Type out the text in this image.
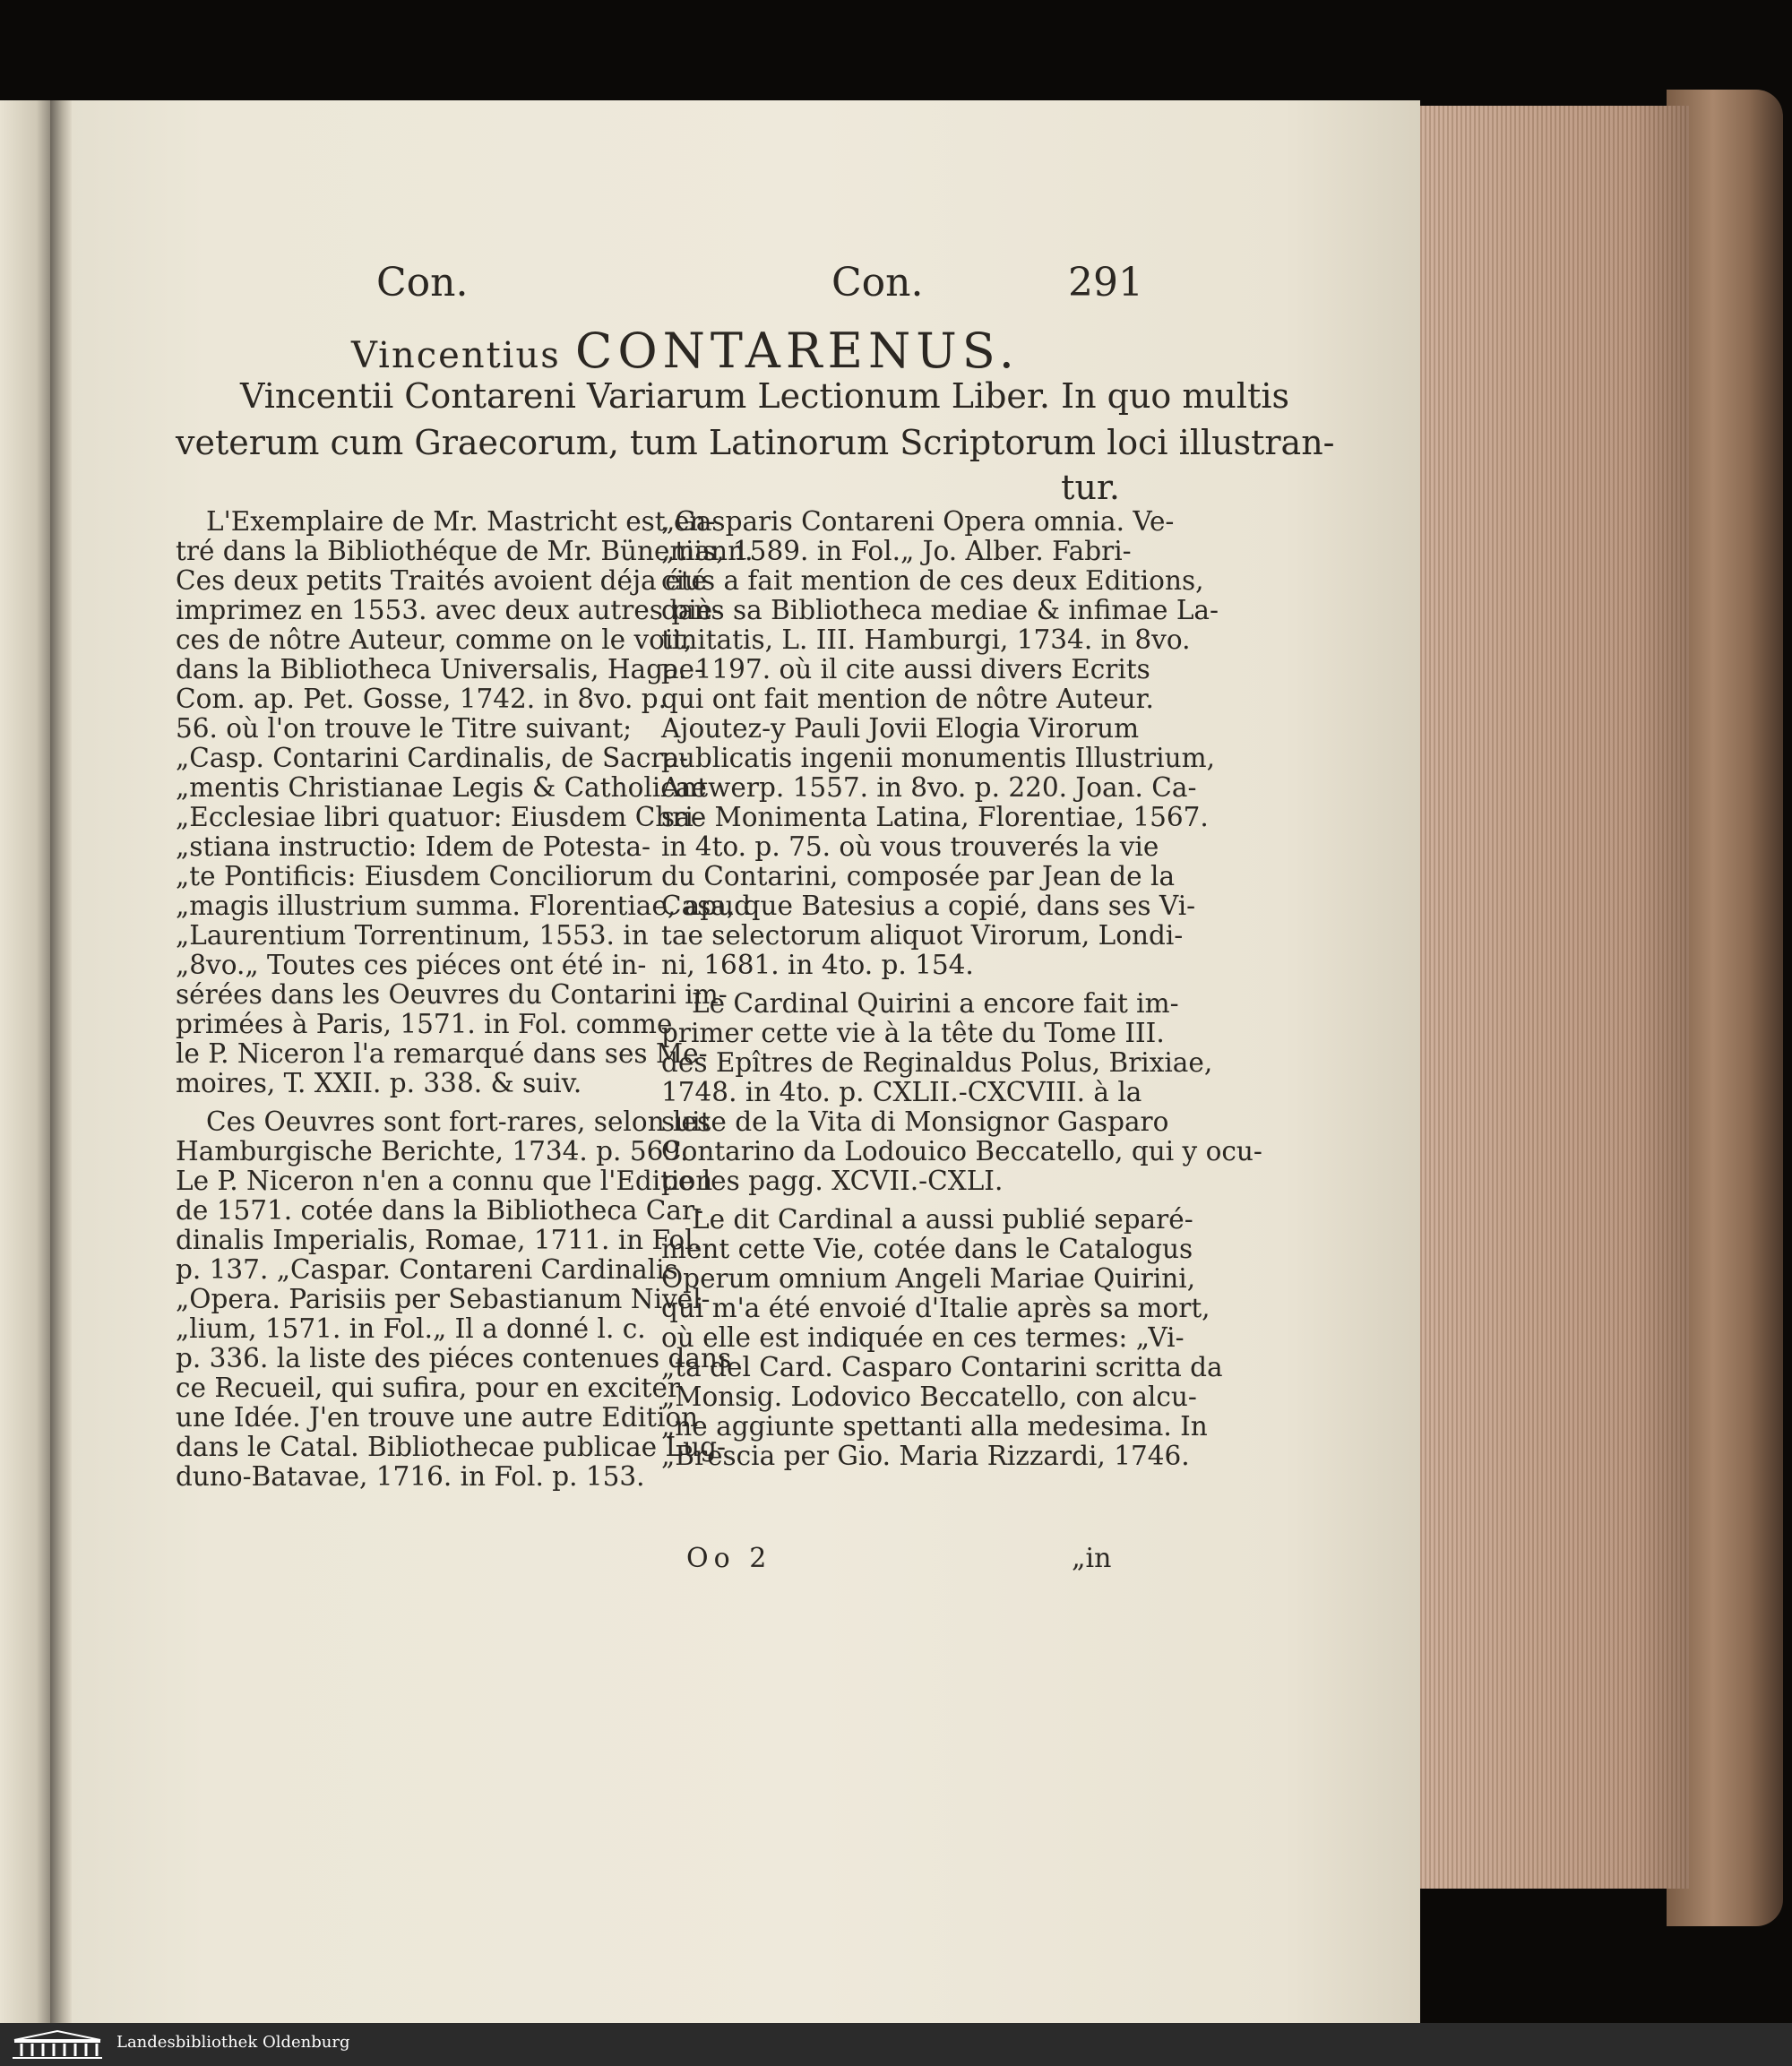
Con.	Con.	291
Vincentius CONTARENUS.
Vincentii Contareni Variarum Lectionum Liber. In quo multis
veterum cum Graecorum, tum Latinorum Scriptorum loci illustran-
tur.

L'Exemplaire de Mr. Mastricht est en-

tré dans la Bibliothéque de Mr. Bünemann.

Ces deux petits Traités avoient déja été

imprimez en 1553. avec deux autres piè-

ces de nôtre Auteur, comme on le voit,

dans la Bibliotheca Universalis, Hagae-

Com. ap. Pet. Gosse, 1742. in 8vo. p.

56. où l'on trouve le Titre suivant;

„Casp. Contarini Cardinalis, de Sacra-

„mentis Christianae Legis & Catholicae

„Ecclesiae libri quatuor: Eiusdem Chri-

„stiana instructio: Idem de Potesta-

„te Pontificis: Eiusdem Conciliorum

„magis illustrium summa. Florentiae, apud

„Laurentium Torrentinum, 1553. in

„8vo.„ Toutes ces piéces ont été in-

sérées dans les Oeuvres du Contarini im-

primées à Paris, 1571. in Fol. comme

le P. Niceron l'a remarqué dans ses Me-

moires, T. XXII. p. 338. & suiv.

Ces Oeuvres sont fort-rares, selon les

Hamburgische Berichte, 1734. p. 569.

Le P. Niceron n'en a connu que l'Edition

de 1571. cotée dans la Bibliotheca Car-

dinalis Imperialis, Romae, 1711. in Fol.

p. 137. „Caspar. Contareni Cardinalis

„Opera. Parisiis per Sebastianum Nivel-

„lium, 1571. in Fol.„ Il a donné l. c.

p. 336. la liste des piéces contenues dans

ce Recueil, qui sufira, pour en exciter

une Idée. J'en trouve une autre Edition

dans le Catal. Bibliothecae publicae Lug-

duno-Batavae, 1716. in Fol. p. 153.

„Gasparis Contareni Opera omnia. Ve-

„tiis, 1589. in Fol.„ Jo. Alber. Fabri-

cius a fait mention de ces deux Editions,

dans sa Bibliotheca mediae & infimae La-

tinitatis, L. III. Hamburgi, 1734. in 8vo.

p. 1197. où il cite aussi divers Ecrits

qui ont fait mention de nôtre Auteur.

Ajoutez-y Pauli Jovii Elogia Virorum

publicatis ingenii monumentis Illustrium,

Antwerp. 1557. in 8vo. p. 220. Joan. Ca-

sae Monimenta Latina, Florentiae, 1567.

in 4to. p. 75. où vous trouverés la vie

du Contarini, composée par Jean de la

Casa, que Batesius a copié, dans ses Vi-

tae selectorum aliquot Virorum, Londi-

ni, 1681. in 4to. p. 154.

Le Cardinal Quirini a encore fait im-

primer cette vie à la tête du Tome III.

des Epîtres de Reginaldus Polus, Brixiae,

1748. in 4to. p. CXLII.-CXCVIII. à la

suite de la Vita di Monsignor Gasparo

Contarino da Lodouico Beccatello, qui y ocu-

pe les pagg. XCVII.-CXLI.

Le dit Cardinal a aussi publié separé-

ment cette Vie, cotée dans le Catalogus

Operum omnium Angeli Mariae Quirini,

qui m'a été envoié d'Italie après sa mort,

où elle est indiquée en ces termes: „Vi-

„ta del Card. Casparo Contarini scritta da

„Monsig. Lodovico Beccatello, con alcu-

„ne aggiunte spettanti alla medesima. In

„Brescia per Gio. Maria Rizzardi, 1746.

Oo 2	„in
Landesbibliothek Oldenburg
